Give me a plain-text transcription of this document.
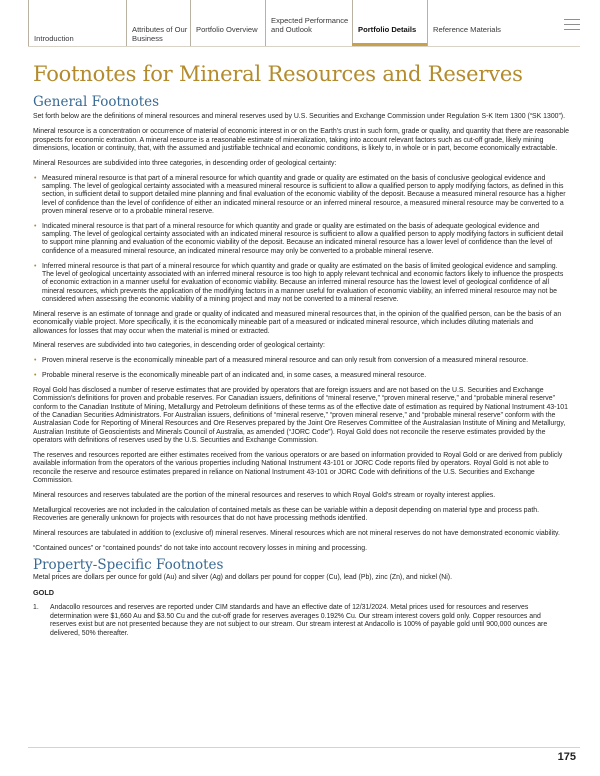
Introduction
Attributes of Our Business
Portfolio Overview
Expected Performance and Outlook	Portfolio Details	Reference Materials
Footnotes for Mineral Resources and Reserves
General Footnotes

Set forth below are the definitions of mineral resources and mineral reserves used by U.S. Securities and Exchange Commission under Regulation S-K Item 1300 (“SK 1300”).

Mineral resource is a concentration or occurrence of material of economic interest in or on the Earth’s crust in such form, grade or quality, and quantity that there are reasonable prospects for economic extraction. A mineral resource is a reasonable estimate of mineralization, taking into account relevant factors such as cut-off grade, likely mining dimensions, location or continuity, that, with the assumed and justifiable technical and economic conditions, is likely to, in whole or in part, become economically extractable.

Mineral Resources are subdivided into three categories, in descending order of geological certainty:

• Measured mineral resource is that part of a mineral resource for which quantity and grade or quality are estimated on the basis of conclusive geological evidence and sampling. The level of geological certainty associated with a measured mineral resource is sufficient to allow a qualified person to apply modifying factors, as defined in this section, in sufficient detail to support detailed mine planning and final evaluation of the economic viability of the deposit. Because a measured mineral resource has a higher level of confidence than the level of confidence of either an indicated mineral resource or an inferred mineral resource, a measured mineral resource may be converted to a proven mineral reserve or to a probable mineral reserve.
• Indicated mineral resource is that part of a mineral resource for which quantity and grade or quality are estimated on the basis of adequate geological evidence and sampling. The level of geological certainty associated with an indicated mineral resource is sufficient to allow a qualified person to apply modifying factors in sufficient detail to support mine planning and evaluation of the economic viability of the deposit. Because an indicated mineral resource has a lower level of confidence than the level of confidence of a measured mineral resource, an indicated mineral resource may only be converted to a probable mineral reserve.
• Inferred mineral resource is that part of a mineral resource for which quantity and grade or quality are estimated on the basis of limited geological evidence and sampling. The level of geological uncertainty associated with an inferred mineral resource is too high to apply relevant technical and economic factors likely to influence the prospects of economic extraction in a manner useful for evaluation of economic viability. Because an inferred mineral resource has the lowest level of geological confidence of all mineral resources, which prevents the application of the modifying factors in a manner useful for evaluation of economic viability, an inferred mineral resource may not be considered when assessing the economic viability of a mining project and may not be converted to a mineral reserve.

Mineral reserve is an estimate of tonnage and grade or quality of indicated and measured mineral resources that, in the opinion of the qualified person, can be the basis of an economically viable project. More specifically, it is the economically mineable part of a measured or indicated mineral resource, which includes diluting materials and allowances for losses that may occur when the material is mined or extracted.

Mineral reserves are subdivided into two categories, in descending order of geological certainty:

• Proven mineral reserve is the economically mineable part of a measured mineral resource and can only result from conversion of a measured mineral resource.
• Probable mineral reserve is the economically mineable part of an indicated and, in some cases, a measured mineral resource.

Royal Gold has disclosed a number of reserve estimates that are provided by operators that are foreign issuers and are not based on the U.S. Securities and Exchange Commission’s definitions for proven and probable reserves. For Canadian issuers, definitions of “mineral reserve,” “proven mineral reserve,” and “probable mineral reserve” conform to the Canadian Institute of Mining, Metallurgy and Petroleum definitions of these terms as of the effective date of estimation as required by National Instrument 43-101 of the Canadian Securities Administrators. For Australian issuers, definitions of “mineral reserve,” “proven mineral reserve,” and “probable mineral reserve” conform with the Australasian Code for Reporting of Mineral Resources and Ore Reserves prepared by the Joint Ore Reserves Committee of the Australasian Institute of Mining and Metallurgy, Australian Institute of Geoscientists and Minerals Council of Australia, as amended (“JORC Code”). Royal Gold does not reconcile the reserve estimates provided by the operators with definitions of reserves used by the U.S. Securities and Exchange Commission.

The reserves and resources reported are either estimates received from the various operators or are based on information provided to Royal Gold or are derived from publicly available information from the operators of the various properties including National Instrument 43-101 or JORC Code reports filed by operators. Royal Gold is not able to reconcile the reserve and resource estimates prepared in reliance on National Instrument 43-101 or JORC Code with definitions of the U.S. Securities and Exchange Commission.

Mineral resources and reserves tabulated are the portion of the mineral resources and reserves to which Royal Gold’s stream or royalty interest applies.

Metallurgical recoveries are not included in the calculation of contained metals as these can be variable within a deposit depending on material type and process path. Recoveries are generally unknown for projects with resources that do not have processing methods identified.

Mineral resources are tabulated in addition to (exclusive of) mineral reserves. Mineral resources which are not mineral reserves do not have demonstrated economic viability.

“Contained ounces” or “contained pounds” do not take into account recovery losses in mining and processing.

Property-Specific Footnotes

Metal prices are dollars per ounce for gold (Au) and silver (Ag) and dollars per pound for copper (Cu), lead (Pb), zinc (Zn), and nickel (Ni).

GOLD
1.	Andacollo resources and reserves are reported under CIM standards and have an effective date of 12/31/2024. Metal prices used for resources and reserves determination were $1,660 Au and $3.50 Cu and the cut-off grade for reserves averages 0.192% Cu. Our stream interest covers gold only. Copper resources and reserves exist but are not presented because they are not subject to our stream. Our stream interest at Andacollo is 100% of payable gold until 900,000 ounces are delivered, 50% thereafter.
175
